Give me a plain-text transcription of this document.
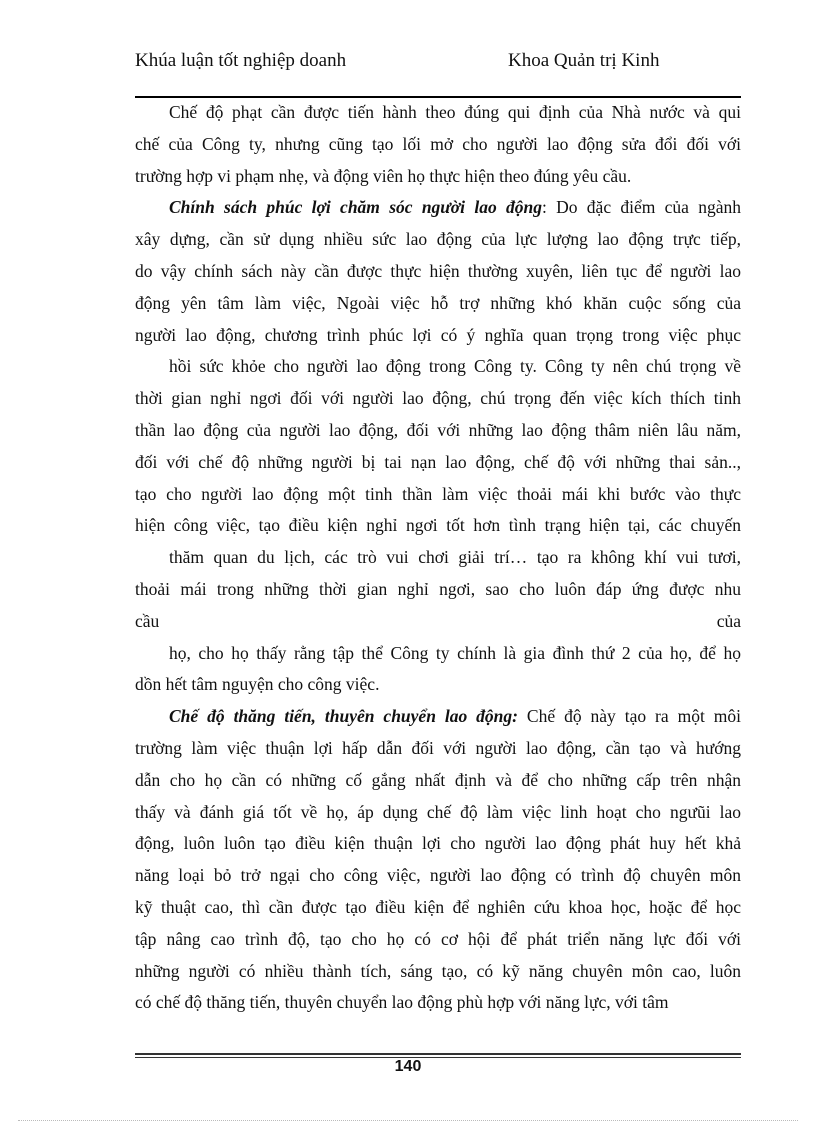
Khúa luận tốt nghiệp doanh	Khoa Quản trị Kinh
Chế độ phạt cần được tiến hành theo đúng qui định của Nhà nước và qui
chế của Công ty, nhưng cũng tạo lối mở cho người lao động sửa đổi đối với
trường hợp vi phạm nhẹ, và động viên họ thực hiện theo đúng yêu cầu.
Chính sách phúc lợi chăm sóc người lao động: Do đặc điểm của ngành
xây dựng, cần sử dụng nhiều sức lao động của lực lượng lao động trực tiếp,
do vậy chính sách này cần được thực hiện thường xuyên, liên tục để người lao
động yên tâm làm việc, Ngoài việc hỗ trợ những khó khăn cuộc sống của
người lao động, chương trình phúc lợi có ý nghĩa quan trọng trong việc phục
hồi sức khỏe cho người lao động trong Công ty. Công ty nên chú trọng về
thời gian nghỉ ngơi đối với người lao động, chú trọng đến việc kích thích tinh
thần lao động của người lao động, đối với những lao động thâm niên lâu năm,
đối với chế độ những người bị tai nạn lao động, chế độ với những thai sản..,
tạo cho người lao động một tinh thần làm việc thoải mái khi bước vào thực
hiện công việc, tạo điều kiện nghỉ ngơi tốt hơn tình trạng hiện tại, các chuyến
thăm quan du lịch, các trò vui chơi giải trí… tạo ra không khí vui tươi,
thoải mái trong những thời gian nghỉ ngơi, sao cho luôn đáp ứng được nhu
cầu của
họ, cho họ thấy rằng tập thể Công ty chính là gia đình thứ 2 của họ, để họ
dồn hết tâm nguyện cho công việc.
Chế độ thăng tiến, thuyên chuyển lao động: Chế độ này tạo ra một môi
trường làm việc thuận lợi hấp dẫn đối với người lao động, cần tạo và hướng
dẫn cho họ cần có những cố gắng nhất định và để cho những cấp trên nhận
thấy và đánh giá tốt về họ, áp dụng chế độ làm việc linh hoạt cho ngưũi lao
động, luôn luôn tạo điều kiện thuận lợi cho người lao động phát huy hết khả
năng loại bỏ trở ngại cho công việc, người lao động có trình độ chuyên môn
kỹ thuật cao, thì cần được tạo điều kiện để nghiên cứu khoa học, hoặc để học
tập nâng cao trình độ, tạo cho họ có cơ hội để phát triển năng lực đối với
những người có nhiều thành tích, sáng tạo, có kỹ năng chuyên môn cao, luôn
có chế độ thăng tiến, thuyên chuyển lao động phù hợp với năng lực, với tâm
140
